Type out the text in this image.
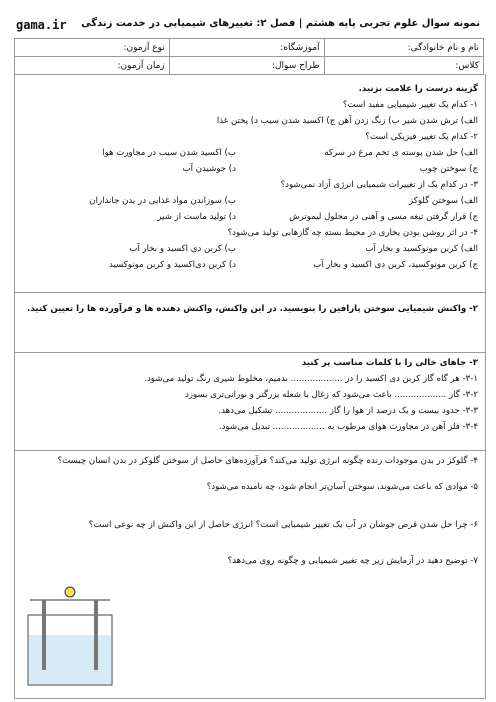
gama.ir نمونه سوال علوم تجربی پایه هشتم | فصل ۲: تغییرهای شیمیایی در خدمت زندگی
نام و نام خانوادگی:	آموزشگاه:	نوع آزمون:
کلاس:	طراح سوال:	زمان آزمون:
گزینه درست را علامت بزنید.
۱- کدام یک تغییر شیمیایی مفید است؟
الف) ترش شدن شیر ب) زنگ زدن آهن ج) اکسید شدن سیب د) پختن غذا
۲- کدام یک تغییر فیزیکی است؟
الف) حل شدن پوسته ی تخم مرغ در سرکه
ب) اکسید شدن سیب در مجاورت هوا
ج) سوختن چوب
د) جوشیدن آب
۳- در کدام یک از تغییرات شیمیایی انرژی آزاد نمی‌شود؟
الف) سوختن گلوکز
ب) سوزاندن مواد غذایی در بدن جانداران
ج) قرار گرفتن تیغه مسی و آهنی در محلول لیموترش
د) تولید ماست از شیر
۴- در اثر روشن بودن بخاری در محیط بسته چه گازهایی تولید می‌شود؟
الف) کربن مونوکسید و بخار آب
ب) کربن دی اکسید و بخار آب
ج) کربن مونوکسید، کربن دی اکسید و بخار آب
د) کربن دی‌اکسید و کربن مونوکسید
۲- واکنش شیمیایی سوختن پارافین را بنویسید. در این واکنش، واکنش دهنده ها و فرآورده ها را تعیین کنید.
۳- جاهای خالی را با کلمات مناسب پر کنید
۳-۱- هر گاه گاز کربن دی اکسید را در ................... بدمیم، مخلوط شیری رنگ تولید می‌شود.
۳-۲- گاز ................... باعث می‌شود که زغال با شعله بزرگتر و نورانی‌تری بسوزد
۳-۳- حدود بیست و یک درصد از هوا را گاز ................... تشکیل می‌دهد.
۳-۴- فلز آهن در مجاورت هوای مرطوب به ................... تبدیل می‌شود.
۴- گلوکز در بدن موجودات زنده چگونه انرژی تولید می‌کند؟ فرآورده‌های حاصل از سوختن گلوکز در بدن انسان چیست؟
۵- موادی که باعث می‌شوند، سوختن آسان‌تر انجام شود، چه نامیده می‌شود؟
۶- چرا حل شدن قرص جوشان در آب یک تغییر شیمیایی است؟ انرژی حاصل از این واکنش از چه نوعی است؟
۷- توضیح دهید در آزمایش زیر چه تغییر شیمیایی و چگونه روی می‌دهد؟
